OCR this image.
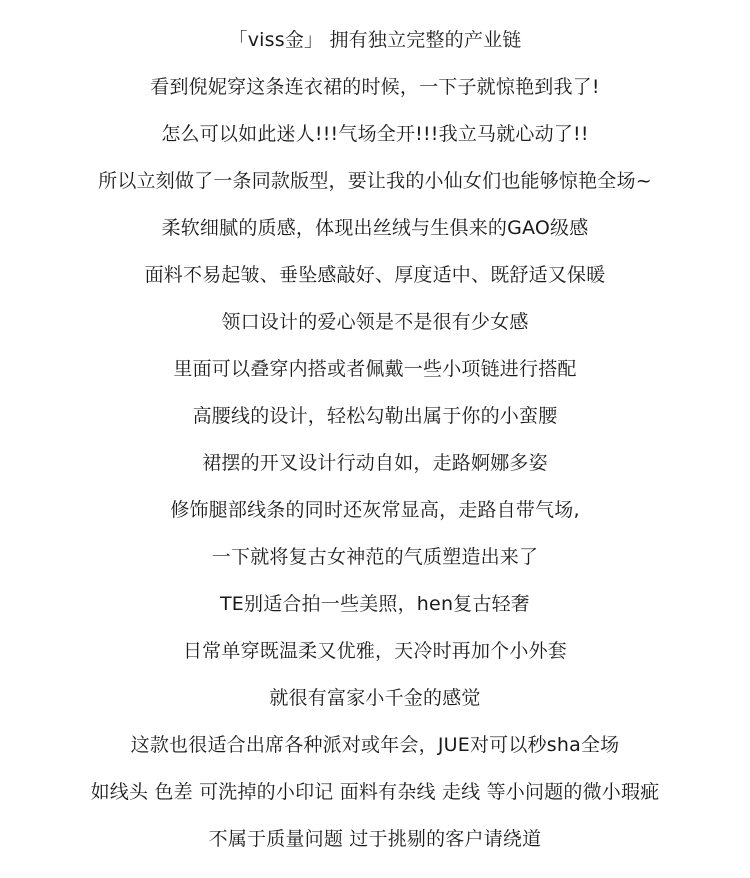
「viss金」 拥有独立完整的产业链
看到倪妮穿这条连衣裙的时候，一下子就惊艳到我了!
怎么可以如此迷人!!!气场全开!!!我立马就心动了!!
所以立刻做了一条同款版型，要让我的小仙女们也能够惊艳全场~
柔软细腻的质感，体现出丝绒与生俱来的GAO级感
面料不易起皱、垂坠感敲好、厚度适中、既舒适又保暖
领口设计的爱心领是不是很有少女感
里面可以叠穿内搭或者佩戴一些小项链进行搭配
高腰线的设计，轻松勾勒出属于你的小蛮腰
裙摆的开叉设计行动自如，走路婀娜多姿
修饰腿部线条的同时还灰常显高，走路自带气场,
一下就将复古女神范的气质塑造出来了
TE别适合拍一些美照，hen复古轻奢
日常单穿既温柔又优雅，天冷时再加个小外套
就很有富家小千金的感觉
这款也很适合出席各种派对或年会，JUE对可以秒sha全场
如线头 色差 可洗掉的小印记 面料有杂线 走线 等小问题的微小瑕疵
不属于质量问题 过于挑剔的客户请绕道
